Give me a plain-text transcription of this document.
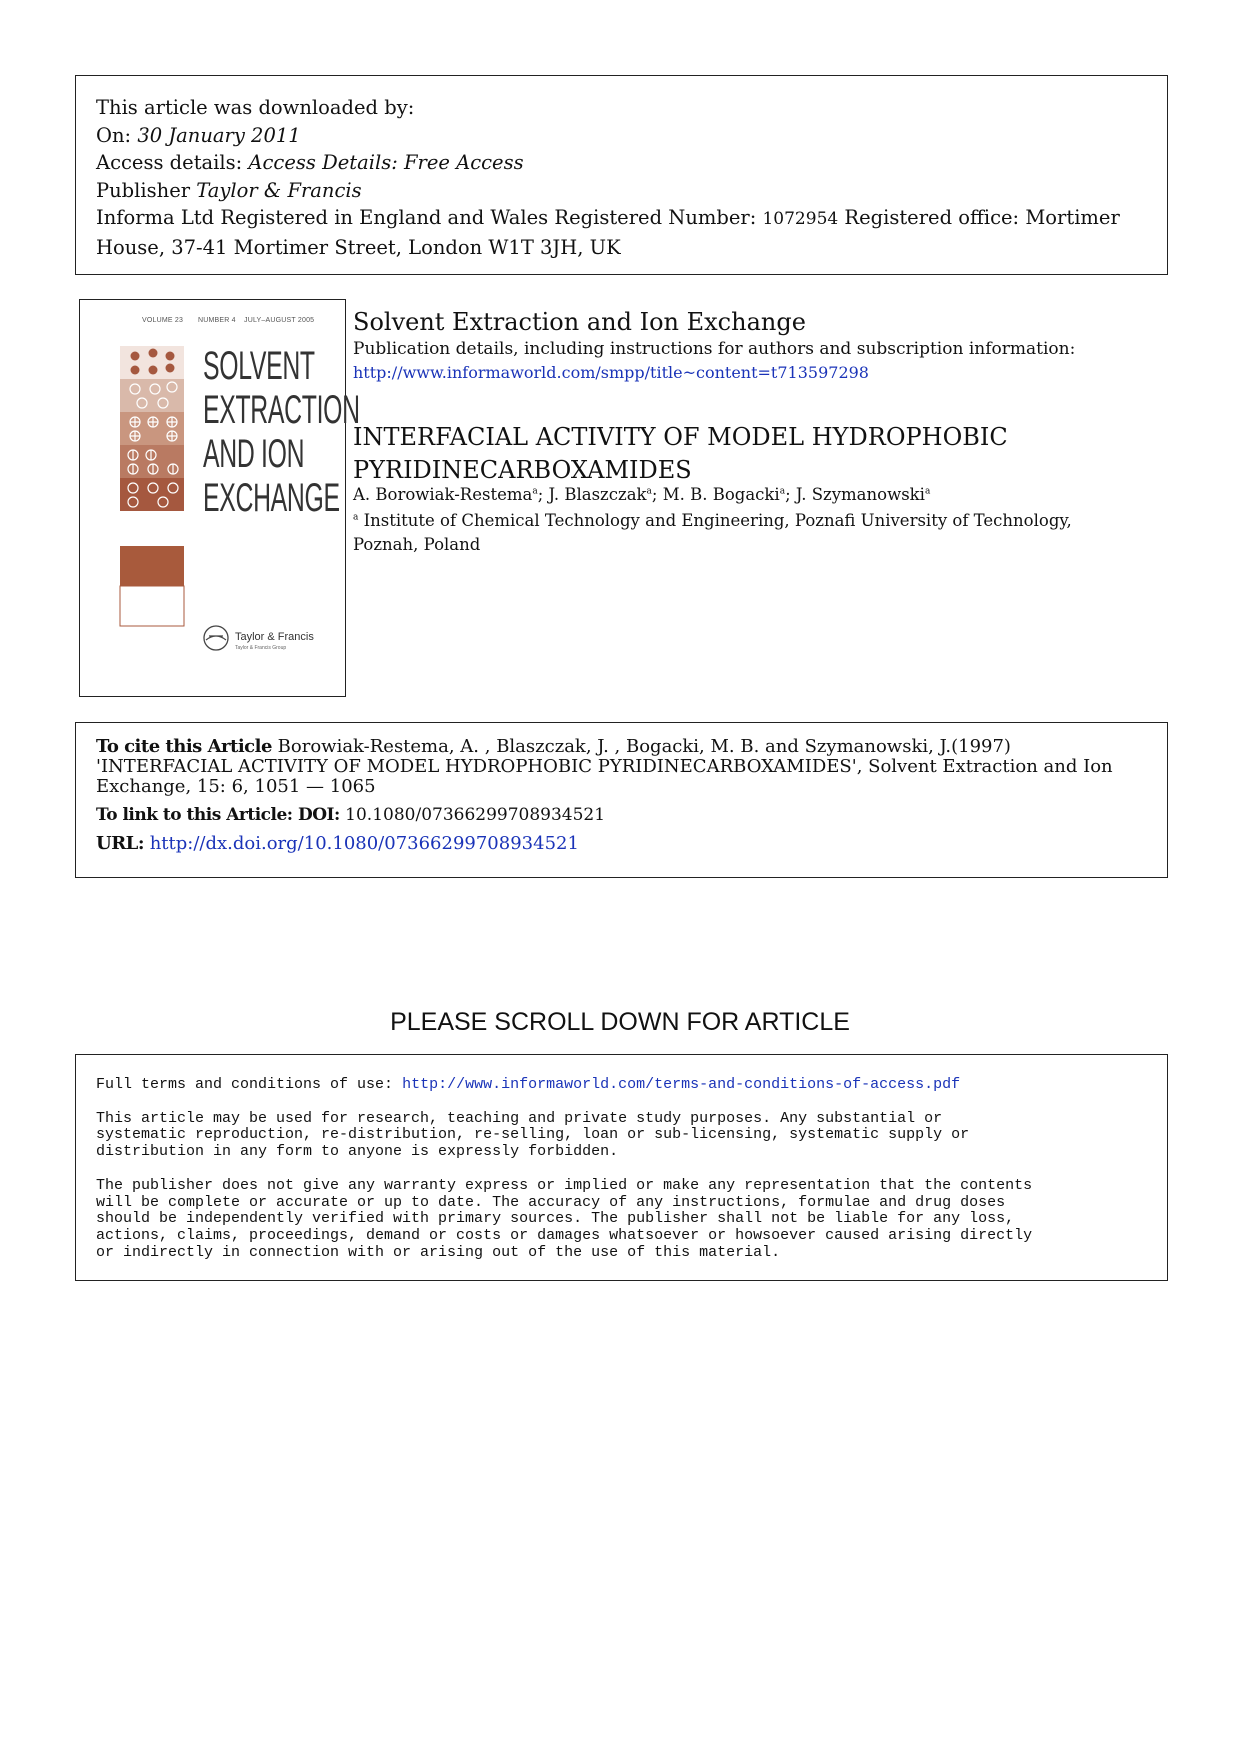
This article was downloaded by:
On: 30 January 2011
Access details: Access Details: Free Access
Publisher Taylor & Francis
Informa Ltd Registered in England and Wales Registered Number: 1072954 Registered office: Mortimer House, 37-41 Mortimer Street, London W1T 3JH, UK
VOLUME 23 NUMBER 4 JULY–AUGUST 2005
SOLVENT
EXTRACTION
AND ION
EXCHANGE
Taylor & Francis
Taylor & Francis Group
Solvent Extraction and Ion Exchange
Publication details, including instructions for authors and subscription information:
http://www.informaworld.com/smpp/title~content=t713597298
INTERFACIAL ACTIVITY OF MODEL HYDROPHOBIC PYRIDINECARBOXAMIDES
A. Borowiak-Restema$^a$; J. Blaszczak$^a$; M. B. Bogacki$^a$; J. Szymanowski$^a$
$^a$ Institute of Chemical Technology and Engineering, Poznafi University of Technology, Poznah, Poland
To cite this Article Borowiak-Restema, A. , Blaszczak, J. , Bogacki, M. B. and Szymanowski, J.(1997) 'INTERFACIAL ACTIVITY OF MODEL HYDROPHOBIC PYRIDINECARBOXAMIDES', Solvent Extraction and Ion Exchange, 15: 6, 1051 — 1065
To link to this Article: DOI: 10.1080/07366299708934521
URL: http://dx.doi.org/10.1080/07366299708934521
PLEASE SCROLL DOWN FOR ARTICLE

Full terms and conditions of use: http://www.informaworld.com/terms-and-conditions-of-access.pdf

This article may be used for research, teaching and private study purposes. Any substantial or
systematic reproduction, re-distribution, re-selling, loan or sub-licensing, systematic supply or
distribution in any form to anyone is expressly forbidden.

The publisher does not give any warranty express or implied or make any representation that the contents
will be complete or accurate or up to date. The accuracy of any instructions, formulae and drug doses
should be independently verified with primary sources. The publisher shall not be liable for any loss,
actions, claims, proceedings, demand or costs or damages whatsoever or howsoever caused arising directly
or indirectly in connection with or arising out of the use of this material.
